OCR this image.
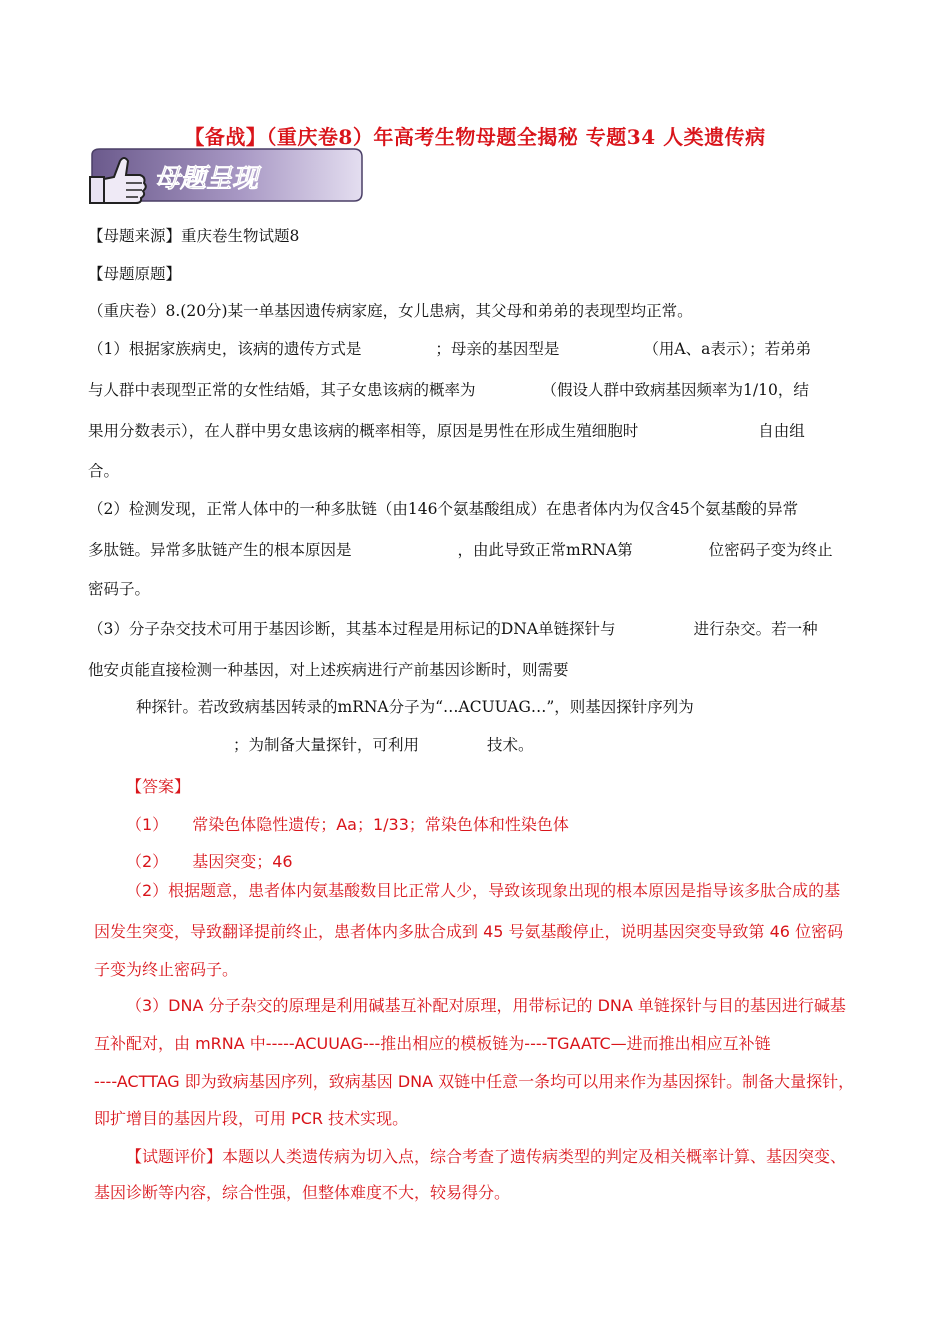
【备战】（重庆卷8）年高考生物母题全揭秘 专题34 人类遗传病
母题呈现
【母题来源】重庆卷生物试题8
【母题原题】
（重庆卷）8.(20分)某一单基因遗传病家庭，女儿患病，其父母和弟弟的表现型均正常。
（1）根据家族病史，该病的遗传方式是	；母亲的基因型是	（用A、a表示）；若弟弟
与人群中表现型正常的女性结婚，其子女患该病的概率为	（假设人群中致病基因频率为1/10，结
果用分数表示），在人群中男女患该病的概率相等，原因是男性在形成生殖细胞时	自由组
合。
（2）检测发现，正常人体中的一种多肽链（由146个氨基酸组成）在患者体内为仅含45个氨基酸的异常
多肽链。异常多肽链产生的根本原因是	，由此导致正常mRNA第	位密码子变为终止
密码子。
（3）分子杂交技术可用于基因诊断，其基本过程是用标记的DNA单链探针与	进行杂交。若一种
他安贞能直接检测一种基因，对上述疾病进行产前基因诊断时，则需要
种探针。若改致病基因转录的mRNA分子为“…ACUUAG…”，则基因探针序列为
；为制备大量探针，可利用	技术。
【答案】
（1） 常染色体隐性遗传；Aa；1/33；常染色体和性染色体
（2） 基因突变；46
（2）根据题意，患者体内氨基酸数目比正常人少，导致该现象出现的根本原因是指导该多肽合成的基
因发生突变，导致翻译提前终止，患者体内多肽合成到 45 号氨基酸停止，说明基因突变导致第 46 位密码
子变为终止密码子。
（3）DNA 分子杂交的原理是利用碱基互补配对原理，用带标记的 DNA 单链探针与目的基因进行碱基
互补配对，由 mRNA 中-----ACUUAG---推出相应的模板链为----TGAATC—进而推出相应互补链
----ACTTAG 即为致病基因序列，致病基因 DNA 双链中任意一条均可以用来作为基因探针。制备大量探针，
即扩增目的基因片段，可用 PCR 技术实现。
【试题评价】本题以人类遗传病为切入点，综合考查了遗传病类型的判定及相关概率计算、基因突变、
基因诊断等内容，综合性强，但整体难度不大，较易得分。
